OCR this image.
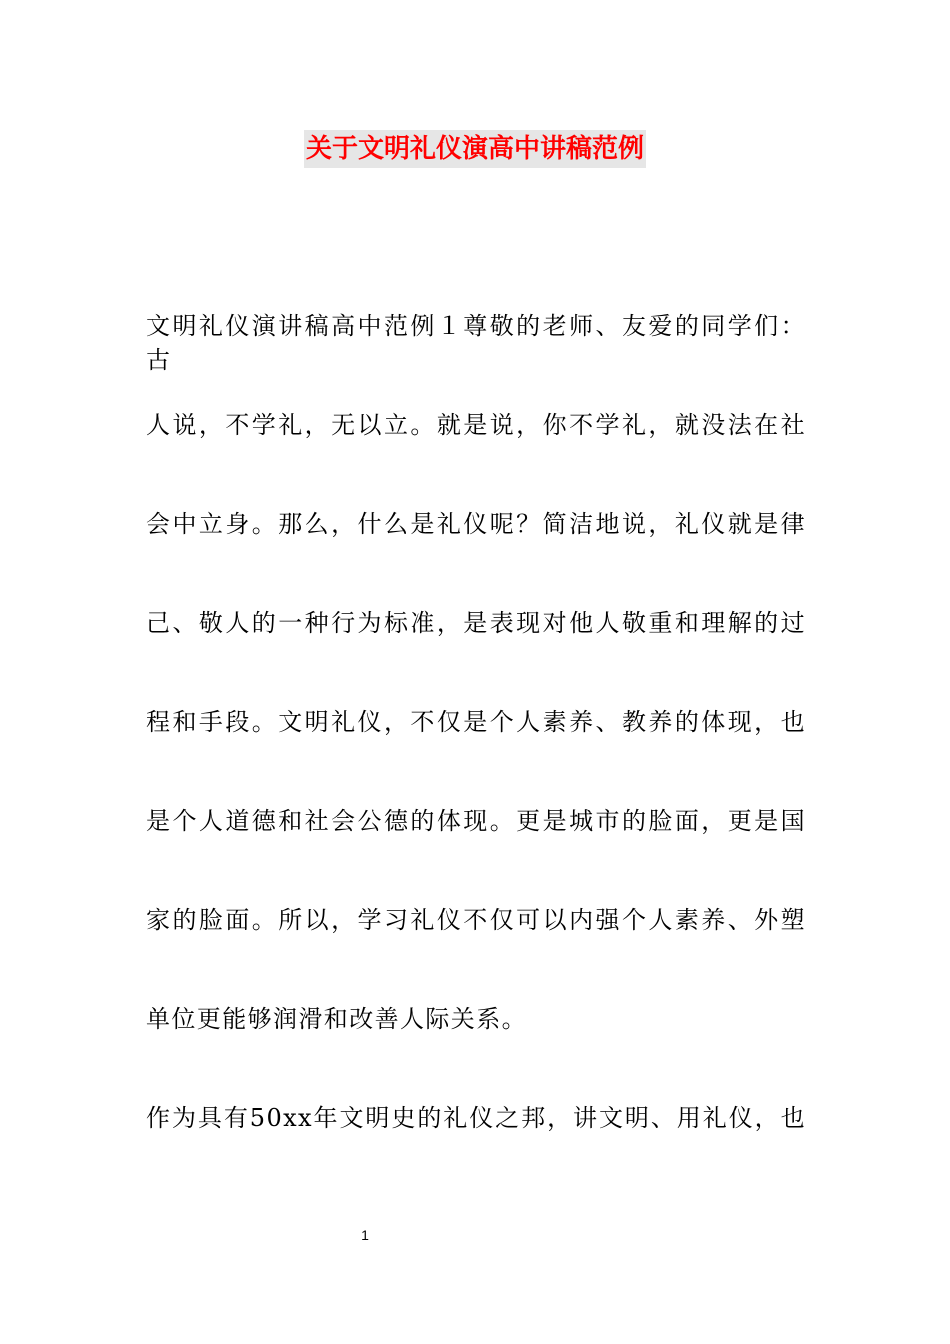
关于文明礼仪演高中讲稿范例
文明礼仪演讲稿高中范例１尊敬的老师、友爱的同学们：古
人说，不学礼，无以立。就是说，你不学礼，就没法在社
会中立身。那么，什么是礼仪呢？简洁地说，礼仪就是律
己、敬人的一种行为标准，是表现对他人敬重和理解的过
程和手段。文明礼仪，不仅是个人素养、教养的体现，也
是个人道德和社会公德的体现。更是城市的脸面，更是国
家的脸面。所以，学习礼仪不仅可以内强个人素养、外塑
单位更能够润滑和改善人际关系。
作为具有50xx年文明史的礼仪之邦，讲文明、用礼仪，也
1
